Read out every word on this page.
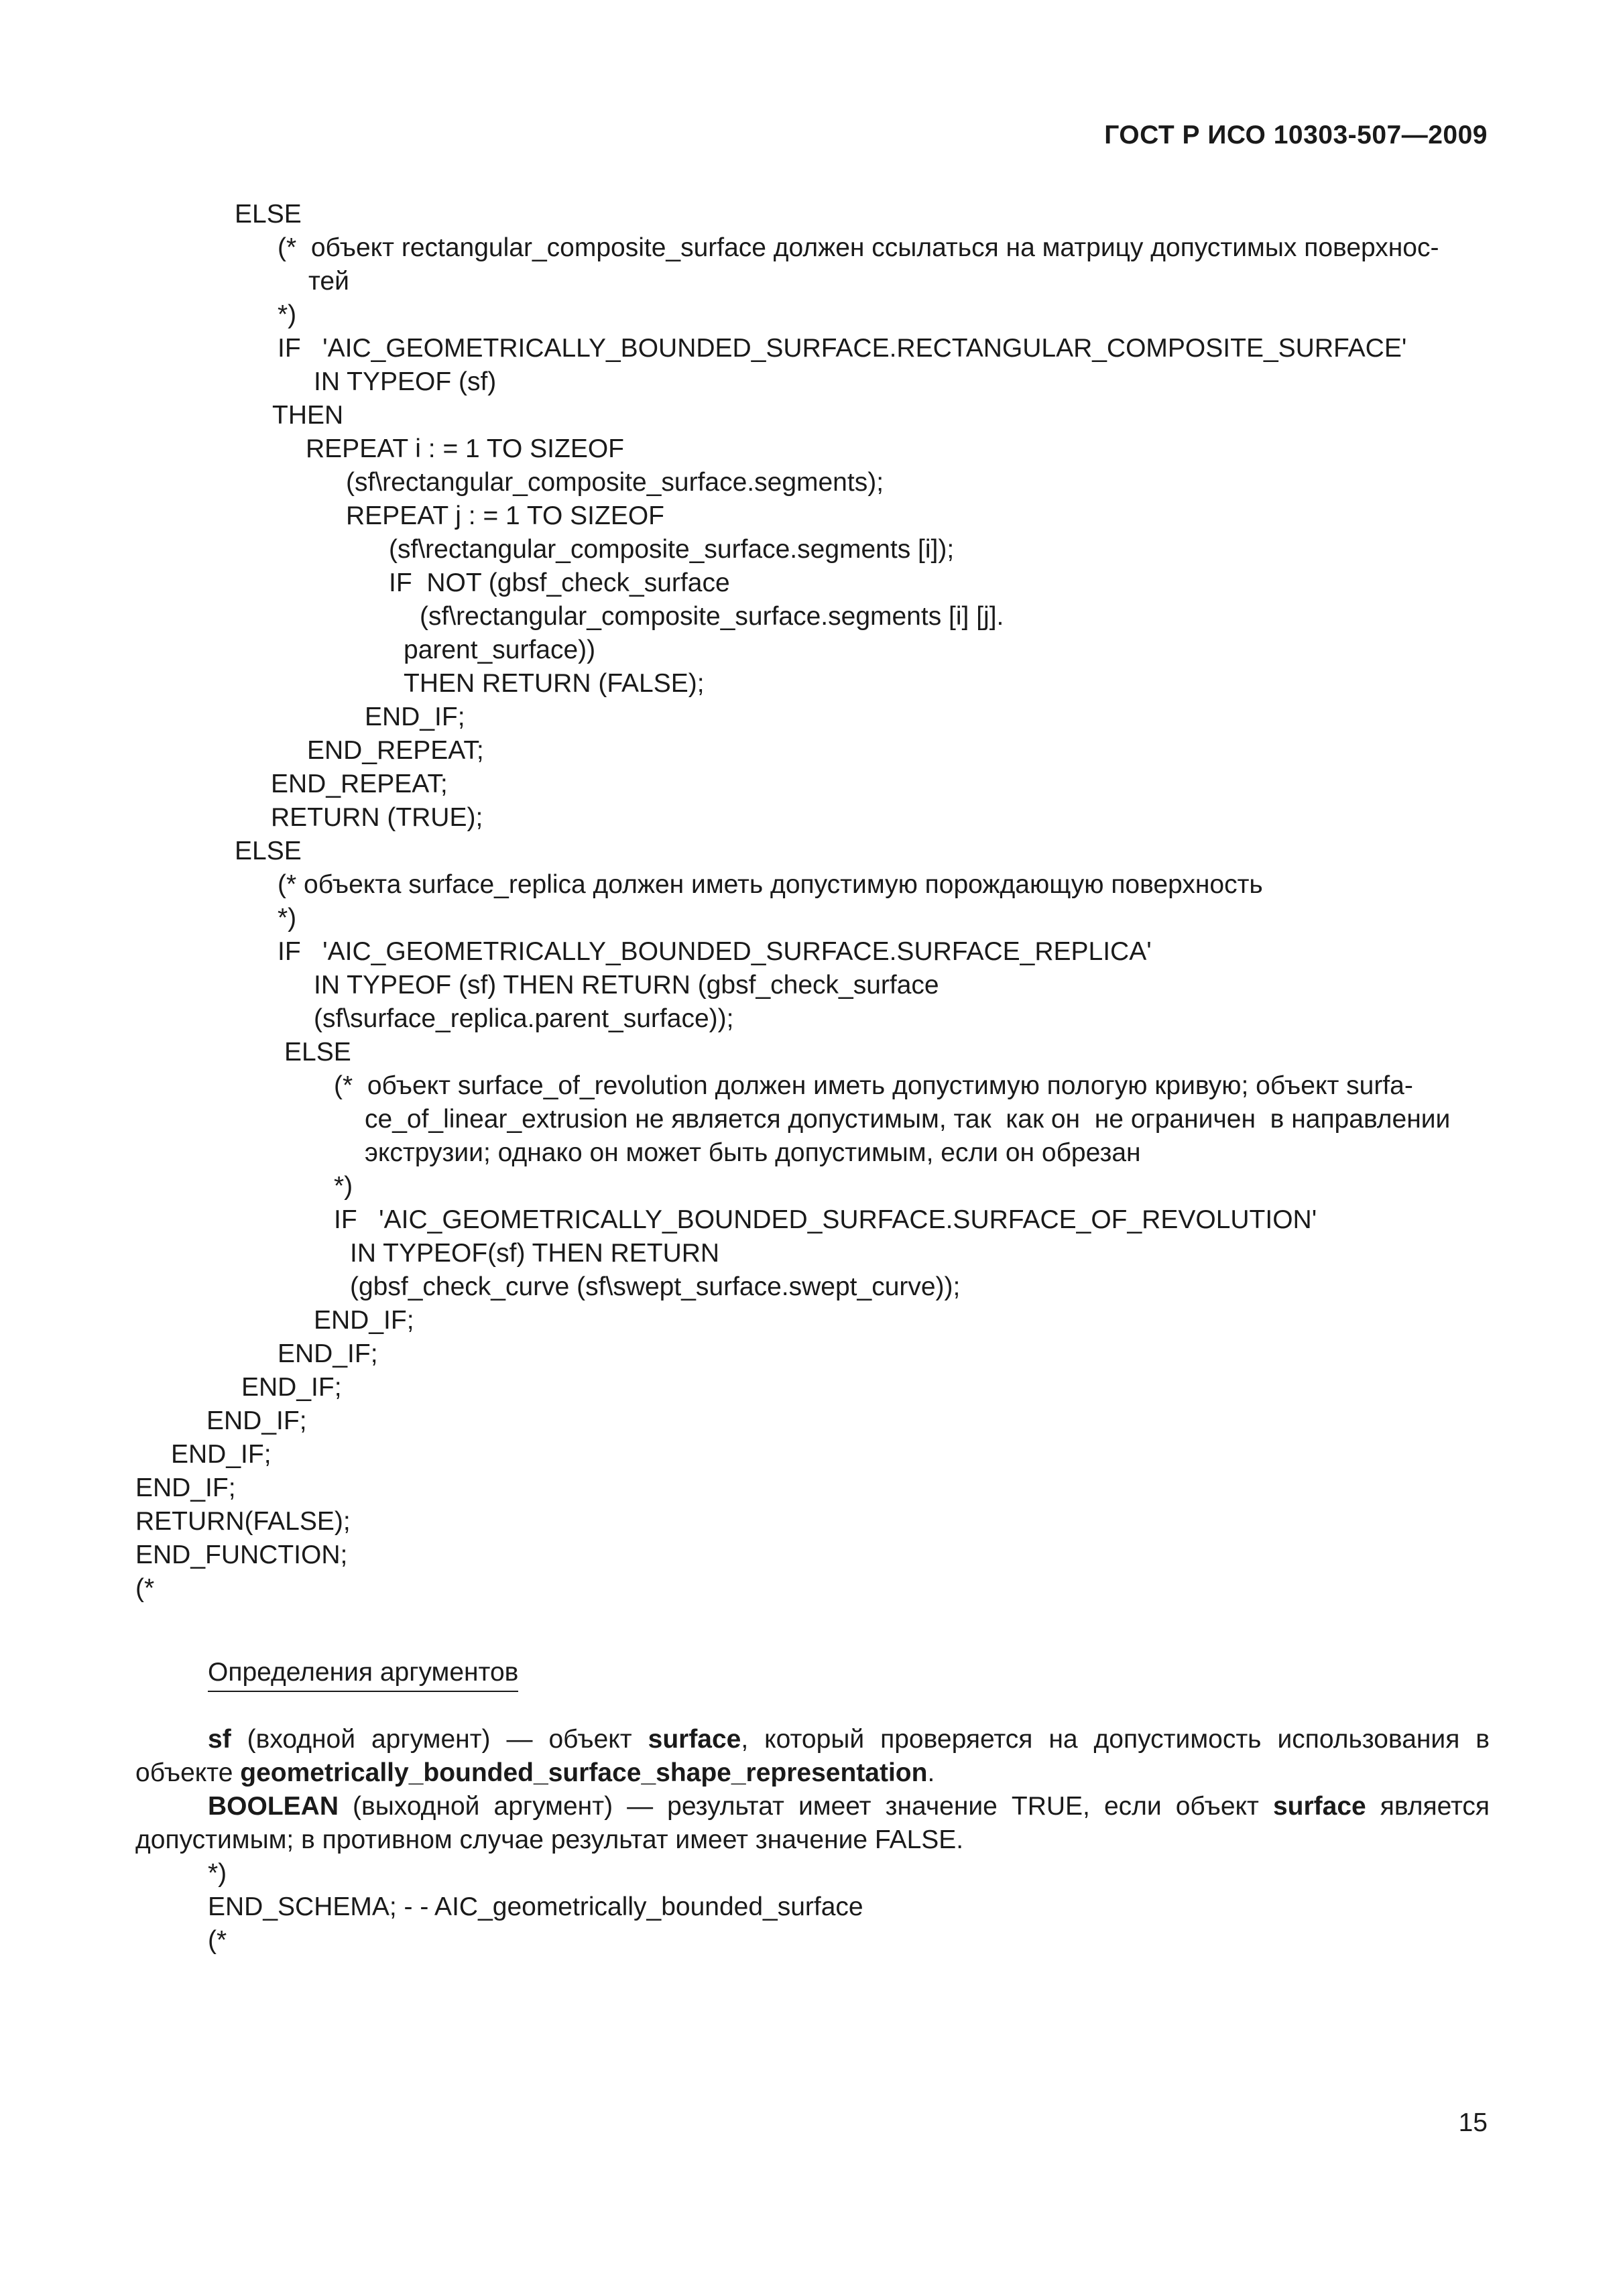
ГОСТ Р ИСО 10303-507—2009
ELSE
(*  объект rectangular_composite_surface должен ссылаться на матрицу допустимых поверхнос-
тей
*)
IF   'AIC_GEOMETRICALLY_BOUNDED_SURFACE.RECTANGULAR_COMPOSITE_SURFACE'
IN TYPEOF (sf)
THEN
REPEAT i : = 1 TO SIZEOF
(sf\rectangular_composite_surface.segments);
REPEAT j : = 1 TO SIZEOF
(sf\rectangular_composite_surface.segments [i]);
IF  NOT (gbsf_check_surface
(sf\rectangular_composite_surface.segments [i] [j].
parent_surface))
THEN RETURN (FALSE);
END_IF;
END_REPEAT;
END_REPEAT;
RETURN (TRUE);
ELSE
(* объекта surface_replica должен иметь допустимую порождающую поверхность
*)
IF   'AIC_GEOMETRICALLY_BOUNDED_SURFACE.SURFACE_REPLICA'
IN TYPEOF (sf) THEN RETURN (gbsf_check_surface
(sf\surface_replica.parent_surface));
ELSE
(*  объект surface_of_revolution должен иметь допустимую пологую кривую; объект surfa-
ce_of_linear_extrusion не является допустимым, так  как он  не ограничен  в направлении
экструзии; однако он может быть допустимым, если он обрезан
*)
IF   'AIC_GEOMETRICALLY_BOUNDED_SURFACE.SURFACE_OF_REVOLUTION'
IN TYPEOF(sf) THEN RETURN
(gbsf_check_curve (sf\swept_surface.swept_curve));
END_IF;
END_IF;
END_IF;
END_IF;
END_IF;
END_IF;
RETURN(FALSE);
END_FUNCTION;
(*
Определения аргументов
sf (входной аргумент) — объект surface, который проверяется на допустимость использования в объекте geometrically_bounded_surface_shape_representation.
BOOLEAN (выходной аргумент) — результат имеет значение TRUE, если объект surface является допустимым; в противном случае результат имеет значение FALSE.
*)
END_SCHEMA; - - AIC_geometrically_bounded_surface
(*
15
